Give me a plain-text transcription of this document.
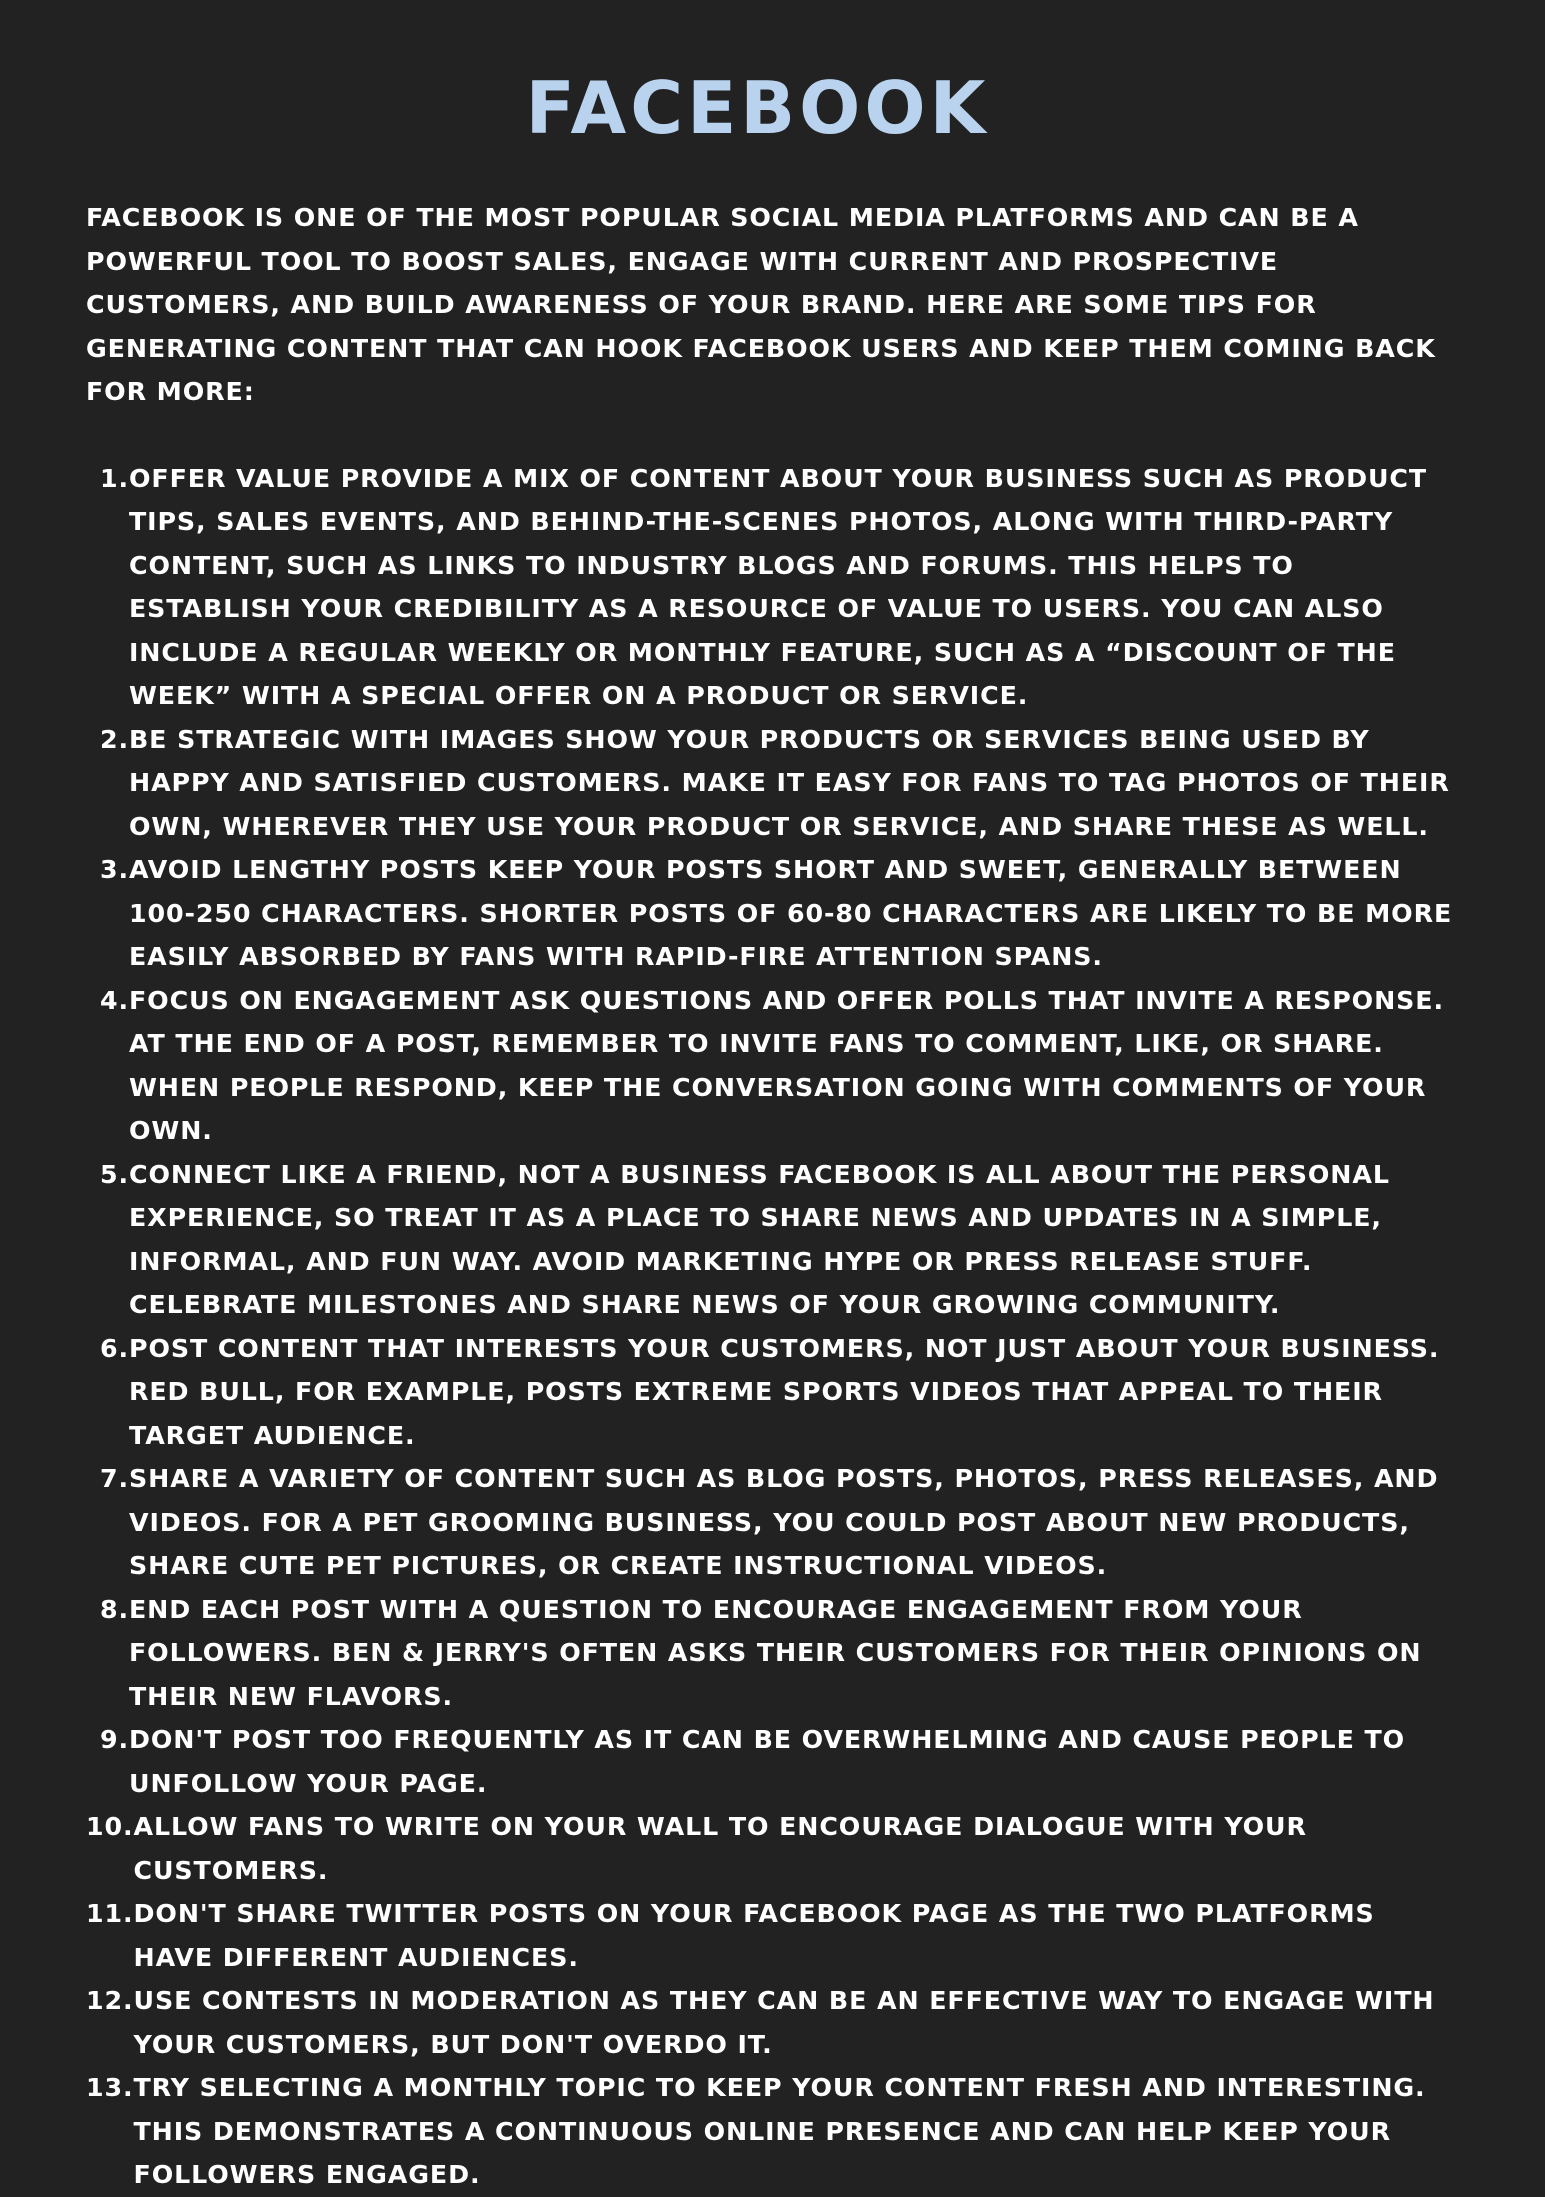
FACEBOOK

FACEBOOK IS ONE OF THE MOST POPULAR SOCIAL MEDIA PLATFORMS AND CAN BE A POWERFUL TOOL TO BOOST SALES, ENGAGE WITH CURRENT AND PROSPECTIVE CUSTOMERS, AND BUILD AWARENESS OF YOUR BRAND. HERE ARE SOME TIPS FOR GENERATING CONTENT THAT CAN HOOK FACEBOOK USERS AND KEEP THEM COMING BACK FOR MORE:

1. OFFER VALUE PROVIDE A MIX OF CONTENT ABOUT YOUR BUSINESS SUCH AS PRODUCT TIPS, SALES EVENTS, AND BEHIND-THE-SCENES PHOTOS, ALONG WITH THIRD-PARTY CONTENT, SUCH AS LINKS TO INDUSTRY BLOGS AND FORUMS. THIS HELPS TO ESTABLISH YOUR CREDIBILITY AS A RESOURCE OF VALUE TO USERS. YOU CAN ALSO INCLUDE A REGULAR WEEKLY OR MONTHLY FEATURE, SUCH AS A “DISCOUNT OF THE WEEK” WITH A SPECIAL OFFER ON A PRODUCT OR SERVICE.
2. BE STRATEGIC WITH IMAGES SHOW YOUR PRODUCTS OR SERVICES BEING USED BY HAPPY AND SATISFIED CUSTOMERS. MAKE IT EASY FOR FANS TO TAG PHOTOS OF THEIR OWN, WHEREVER THEY USE YOUR PRODUCT OR SERVICE, AND SHARE THESE AS WELL.
3. AVOID LENGTHY POSTS KEEP YOUR POSTS SHORT AND SWEET, GENERALLY BETWEEN 100-250 CHARACTERS. SHORTER POSTS OF 60-80 CHARACTERS ARE LIKELY TO BE MORE EASILY ABSORBED BY FANS WITH RAPID-FIRE ATTENTION SPANS.
4. FOCUS ON ENGAGEMENT ASK QUESTIONS AND OFFER POLLS THAT INVITE A RESPONSE. AT THE END OF A POST, REMEMBER TO INVITE FANS TO COMMENT, LIKE, OR SHARE. WHEN PEOPLE RESPOND, KEEP THE CONVERSATION GOING WITH COMMENTS OF YOUR OWN.
5. CONNECT LIKE A FRIEND, NOT A BUSINESS FACEBOOK IS ALL ABOUT THE PERSONAL EXPERIENCE, SO TREAT IT AS A PLACE TO SHARE NEWS AND UPDATES IN A SIMPLE, INFORMAL, AND FUN WAY. AVOID MARKETING HYPE OR PRESS RELEASE STUFF. CELEBRATE MILESTONES AND SHARE NEWS OF YOUR GROWING COMMUNITY.
6. POST CONTENT THAT INTERESTS YOUR CUSTOMERS, NOT JUST ABOUT YOUR BUSINESS. RED BULL, FOR EXAMPLE, POSTS EXTREME SPORTS VIDEOS THAT APPEAL TO THEIR TARGET AUDIENCE.
7. SHARE A VARIETY OF CONTENT SUCH AS BLOG POSTS, PHOTOS, PRESS RELEASES, AND VIDEOS. FOR A PET GROOMING BUSINESS, YOU COULD POST ABOUT NEW PRODUCTS, SHARE CUTE PET PICTURES, OR CREATE INSTRUCTIONAL VIDEOS.
8. END EACH POST WITH A QUESTION TO ENCOURAGE ENGAGEMENT FROM YOUR FOLLOWERS. BEN & JERRY'S OFTEN ASKS THEIR CUSTOMERS FOR THEIR OPINIONS ON THEIR NEW FLAVORS.
9. DON'T POST TOO FREQUENTLY AS IT CAN BE OVERWHELMING AND CAUSE PEOPLE TO UNFOLLOW YOUR PAGE.
10. ALLOW FANS TO WRITE ON YOUR WALL TO ENCOURAGE DIALOGUE WITH YOUR CUSTOMERS.
11. DON'T SHARE TWITTER POSTS ON YOUR FACEBOOK PAGE AS THE TWO PLATFORMS HAVE DIFFERENT AUDIENCES.
12. USE CONTESTS IN MODERATION AS THEY CAN BE AN EFFECTIVE WAY TO ENGAGE WITH YOUR CUSTOMERS, BUT DON'T OVERDO IT.
13. TRY SELECTING A MONTHLY TOPIC TO KEEP YOUR CONTENT FRESH AND INTERESTING. THIS DEMONSTRATES A CONTINUOUS ONLINE PRESENCE AND CAN HELP KEEP YOUR FOLLOWERS ENGAGED.
